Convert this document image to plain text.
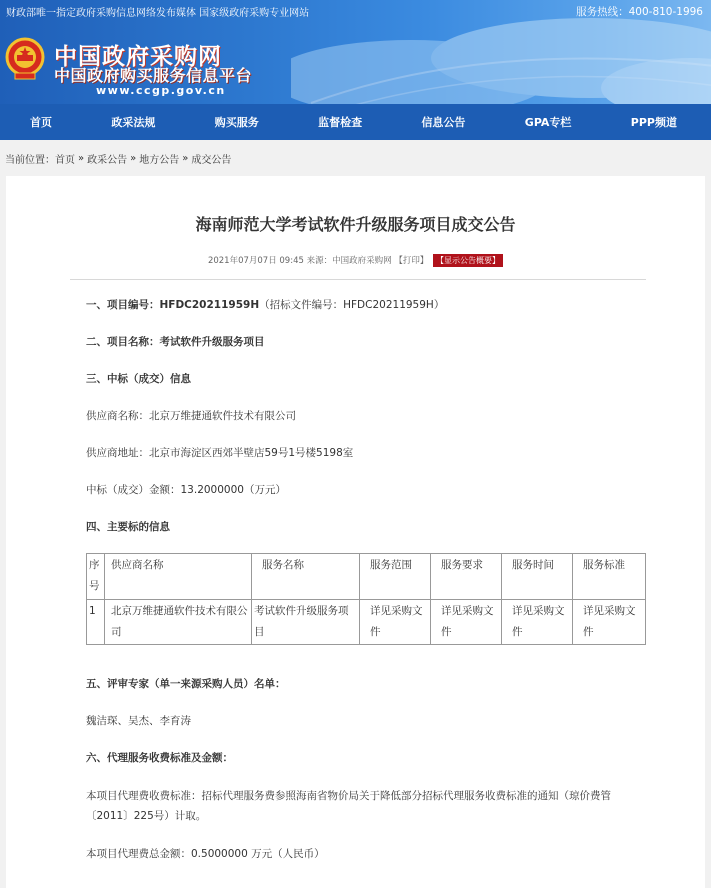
财政部唯一指定政府采购信息网络发布媒体 国家级政府采购专业网站	服务热线：400-810-1996
中国政府采购网
中国政府购买服务信息平台
www.ccgp.gov.cn
首页	政采法规	购买服务	监督检查	信息公告	GPA专栏	PPP频道
当前位置： 首页 » 政采公告 » 地方公告 » 成交公告
海南师范大学考试软件升级服务项目成交公告
2021年07月07日 09:45 来源：中国政府采购网 【打印】 【显示公告概要】
一、项目编号：HFDC20211959H（招标文件编号：HFDC20211959H）
二、项目名称：考试软件升级服务项目
三、中标（成交）信息
供应商名称：北京万维捷通软件技术有限公司
供应商地址：北京市海淀区西郊半壁店59号1号楼5198室
中标（成交）金额：13.2000000（万元）
四、主要标的信息
序号	供应商名称	服务名称	服务范围	服务要求	服务时间	服务标准
1	北京万维捷通软件技术有限公司	考试软件升级服务项目	详见采购文件	详见采购文件	详见采购文件	详见采购文件
五、评审专家（单一来源采购人员）名单：
魏洁琛、吴杰、李育涛
六、代理服务收费标准及金额：
本项目代理费收费标准：招标代理服务费参照海南省物价局关于降低部分招标代理服务收费标准的通知（琼价费管〔2011〕225号）计取。
本项目代理费总金额：0.5000000 万元（人民币）
